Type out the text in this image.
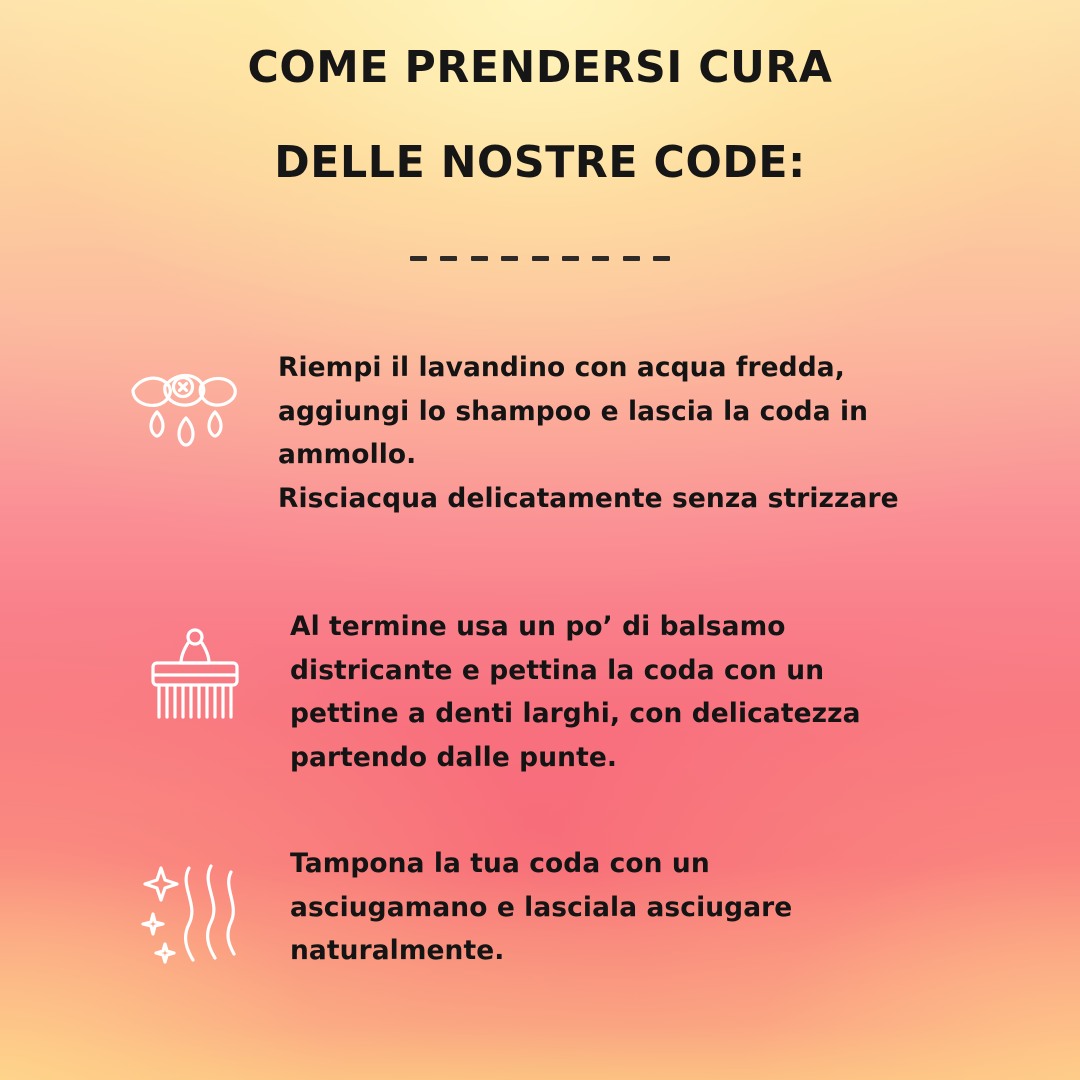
COME PRENDERSI CURA
DELLE NOSTRE CODE:

Riempi il lavandino con acqua fredda,

aggiungi lo shampoo e lascia la coda in ammollo.

Risciacqua delicatamente senza strizzare

Al termine usa un po’ di balsamo

districante e pettina la coda con un

pettine a denti larghi, con delicatezza

partendo dalle punte.

Tampona la tua coda con un

asciugamano e lasciala asciugare

naturalmente.
